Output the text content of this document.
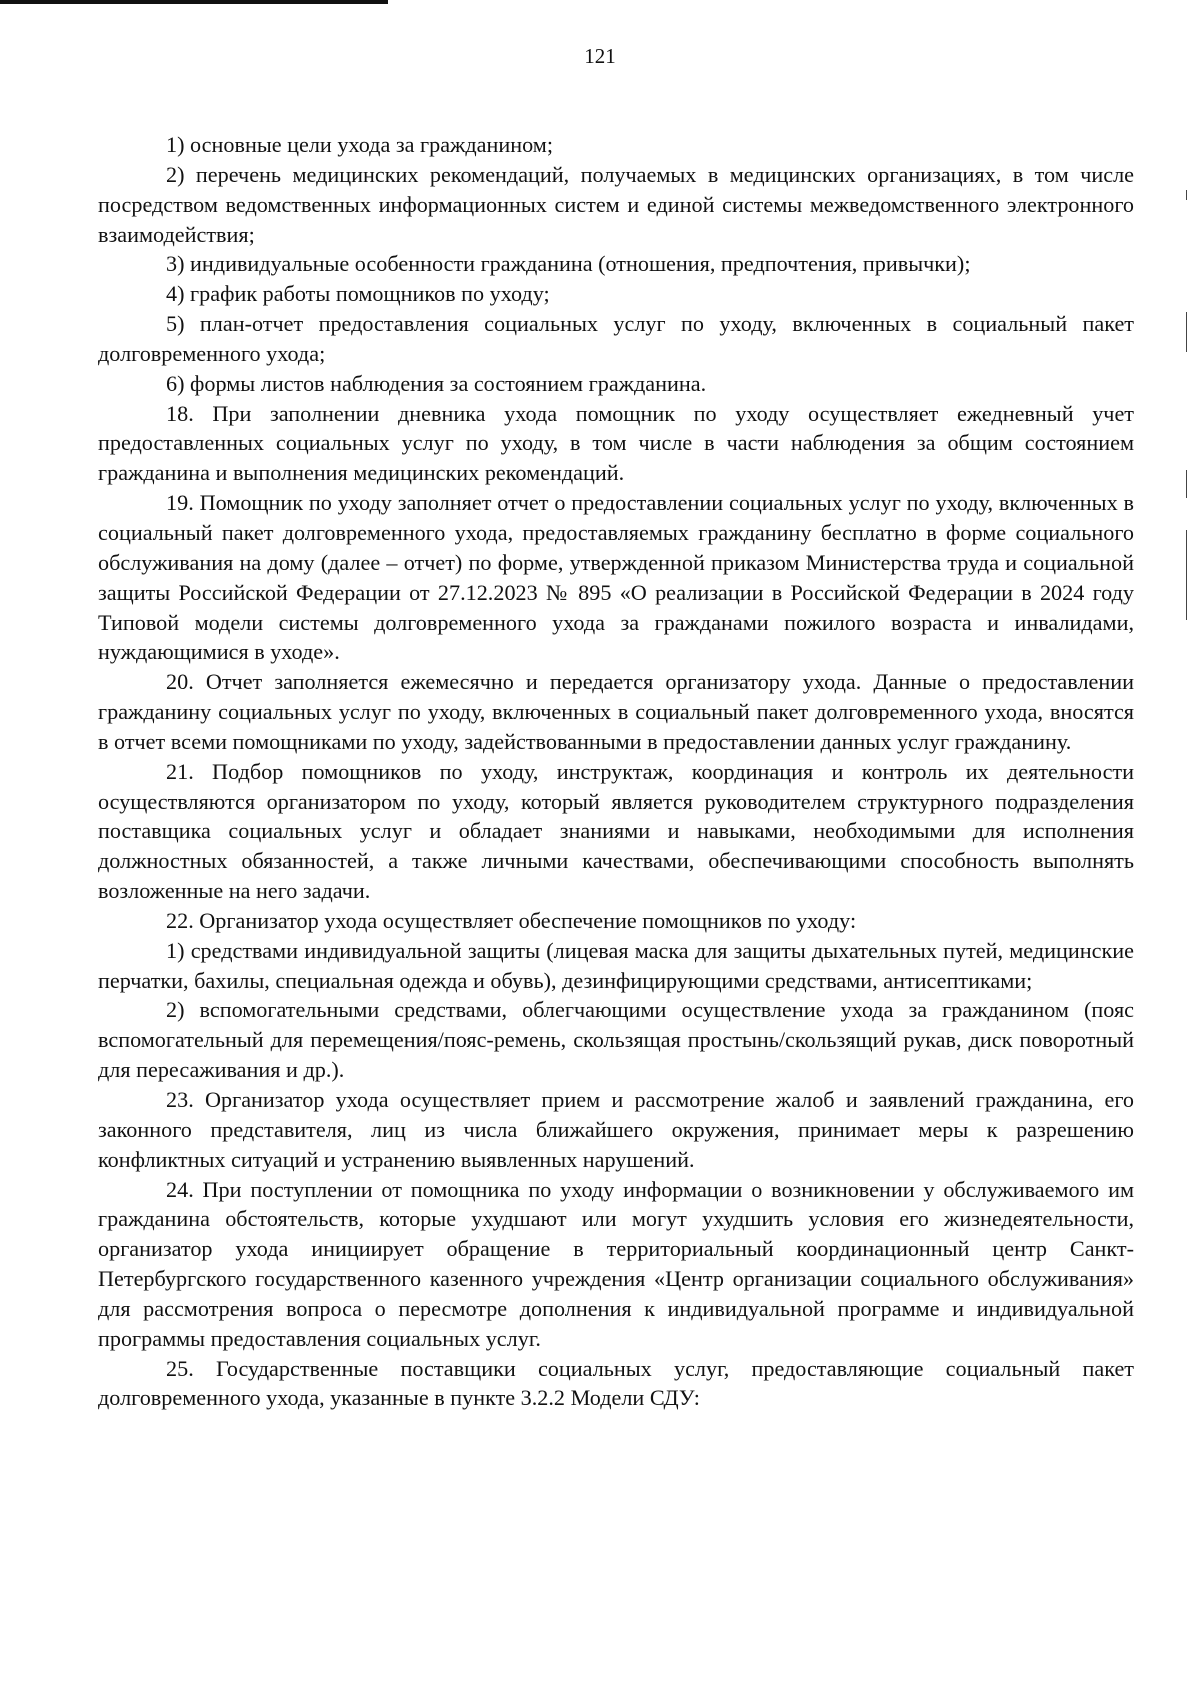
121

1) основные цели ухода за гражданином;

2) перечень медицинских рекомендаций, получаемых в медицинских организациях, в том числе посредством ведомственных информационных систем и единой системы межведомственного электронного взаимодействия;

3) индивидуальные особенности гражданина (отношения, предпочтения, привычки);

4) график работы помощников по уходу;

5) план-отчет предоставления социальных услуг по уходу, включенных в социальный пакет долговременного ухода;

6) формы листов наблюдения за состоянием гражданина.

18. При заполнении дневника ухода помощник по уходу осуществляет ежедневный учет предоставленных социальных услуг по уходу, в том числе в части наблюдения за общим состоянием гражданина и выполнения медицинских рекомендаций.

19. Помощник по уходу заполняет отчет о предоставлении социальных услуг по уходу, включенных в социальный пакет долговременного ухода, предоставляемых гражданину бесплатно в форме социального обслуживания на дому (далее – отчет) по форме, утвержденной приказом Министерства труда и социальной защиты Российской Федерации от 27.12.2023 № 895 «О реализации в Российской Федерации в 2024 году Типовой модели системы долговременного ухода за гражданами пожилого возраста и инвалидами, нуждающимися в уходе».

20. Отчет заполняется ежемесячно и передается организатору ухода. Данные о предоставлении гражданину социальных услуг по уходу, включенных в социальный пакет долговременного ухода, вносятся в отчет всеми помощниками по уходу, задействованными в предоставлении данных услуг гражданину.

21. Подбор помощников по уходу, инструктаж, координация и контроль их деятельности осуществляются организатором по уходу, который является руководителем структурного подразделения поставщика социальных услуг и обладает знаниями и навыками, необходимыми для исполнения должностных обязанностей, а также личными качествами, обеспечивающими способность выполнять возложенные на него задачи.

22. Организатор ухода осуществляет обеспечение помощников по уходу:

1) средствами индивидуальной защиты (лицевая маска для защиты дыхательных путей, медицинские перчатки, бахилы, специальная одежда и обувь), дезинфицирующими средствами, антисептиками;

2) вспомогательными средствами, облегчающими осуществление ухода за гражданином (пояс вспомогательный для перемещения/пояс-ремень, скользящая простынь/скользящий рукав, диск поворотный для пересаживания и др.).

23. Организатор ухода осуществляет прием и рассмотрение жалоб и заявлений гражданина, его законного представителя, лиц из числа ближайшего окружения, принимает меры к разрешению конфликтных ситуаций и устранению выявленных нарушений.

24. При поступлении от помощника по уходу информации о возникновении у обслуживаемого им гражданина обстоятельств, которые ухудшают или могут ухудшить условия его жизнедеятельности, организатор ухода инициирует обращение в территориальный координационный центр Санкт-Петербургского государственного казенного учреждения «Центр организации социального обслуживания» для рассмотрения вопроса о пересмотре дополнения к индивидуальной программе и индивидуальной программы предоставления социальных услуг.

25. Государственные поставщики социальных услуг, предоставляющие социальный пакет долговременного ухода, указанные в пункте 3.2.2 Модели СДУ:
